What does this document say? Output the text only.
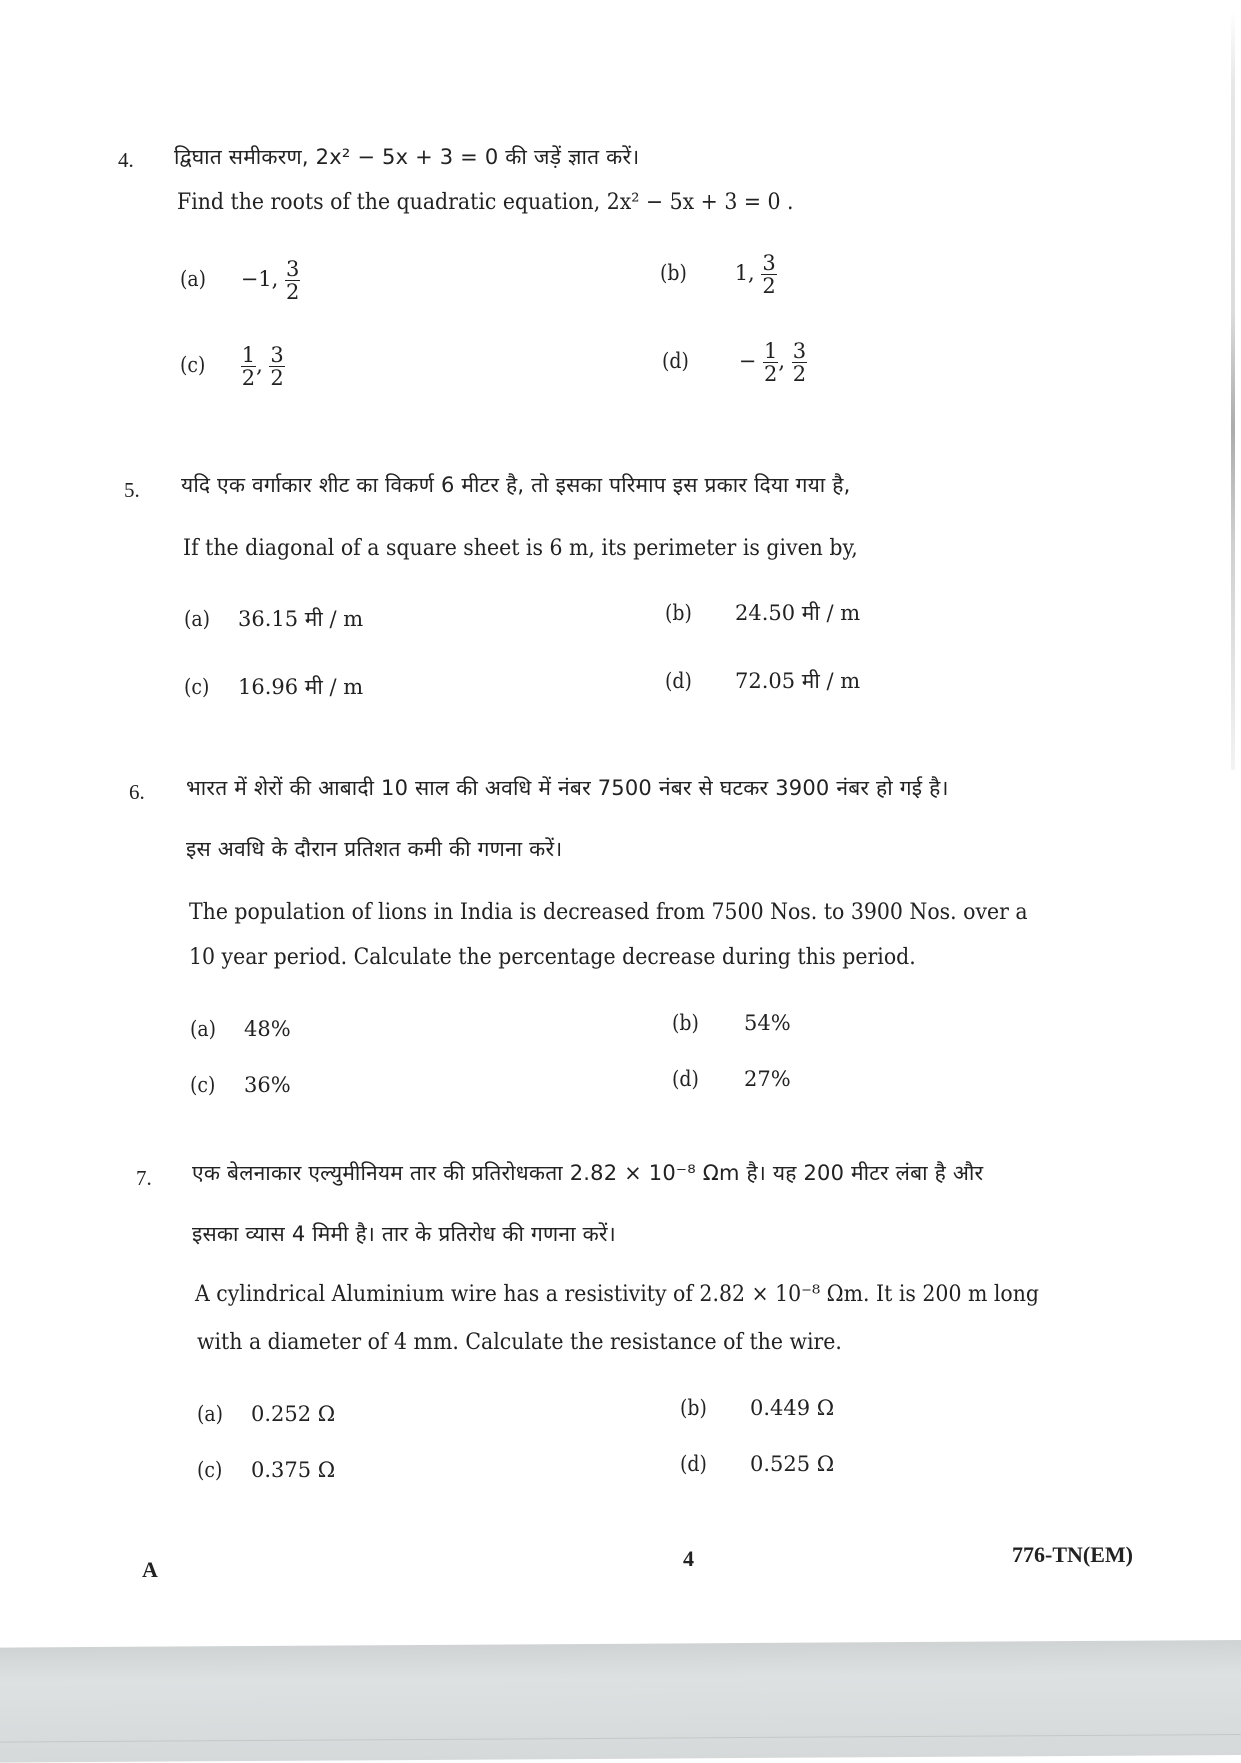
4. द्विघात समीकरण, 2x² − 5x + 3 = 0 की जड़ें ज्ञात करें।
Find the roots of the quadratic equation, 2x² − 5x + 3 = 0 .
(a) −1, $\frac{3}{2}$	(b) 1, $\frac{3}{2}$
$(c) \frac{1}{2}$ , $\frac{3}{2}$	$(d) - \frac{1}{2}$ , $\frac{3}{2}$
5. यदि एक वर्गाकार शीट का विकर्ण 6 मीटर है, तो इसका परिमाप इस प्रकार दिया गया है,
If the diagonal of a square sheet is 6 m, its perimeter is given by,
(a) 36.15 मी / m	(b) 24.50 मी / m
(c) 16.96 मी / m	(d) 72.05 मी / m
6. भारत में शेरों की आबादी 10 साल की अवधि में नंबर 7500 नंबर से घटकर 3900 नंबर हो गई है।
इस अवधि के दौरान प्रतिशत कमी की गणना करें।
The population of lions in India is decreased from 7500 Nos. to 3900 Nos. over a
10 year period. Calculate the percentage decrease during this period.
(a) 48%	(b) 54%
(c) 36%	(d) 27%
7. एक बेलनाकार एल्युमीनियम तार की प्रतिरोधकता 2.82 × 10⁻⁸ Ωm है। यह 200 मीटर लंबा है और
इसका व्यास 4 मिमी है। तार के प्रतिरोध की गणना करें।
A cylindrical Aluminium wire has a resistivity of 2.82 × 10⁻⁸ Ωm. It is 200 m long
with a diameter of 4 mm. Calculate the resistance of the wire.
(a) 0.252 Ω	(b) 0.449 Ω
(c) 0.375 Ω	(d) 0.525 Ω
A	4	776-TN(EM)
